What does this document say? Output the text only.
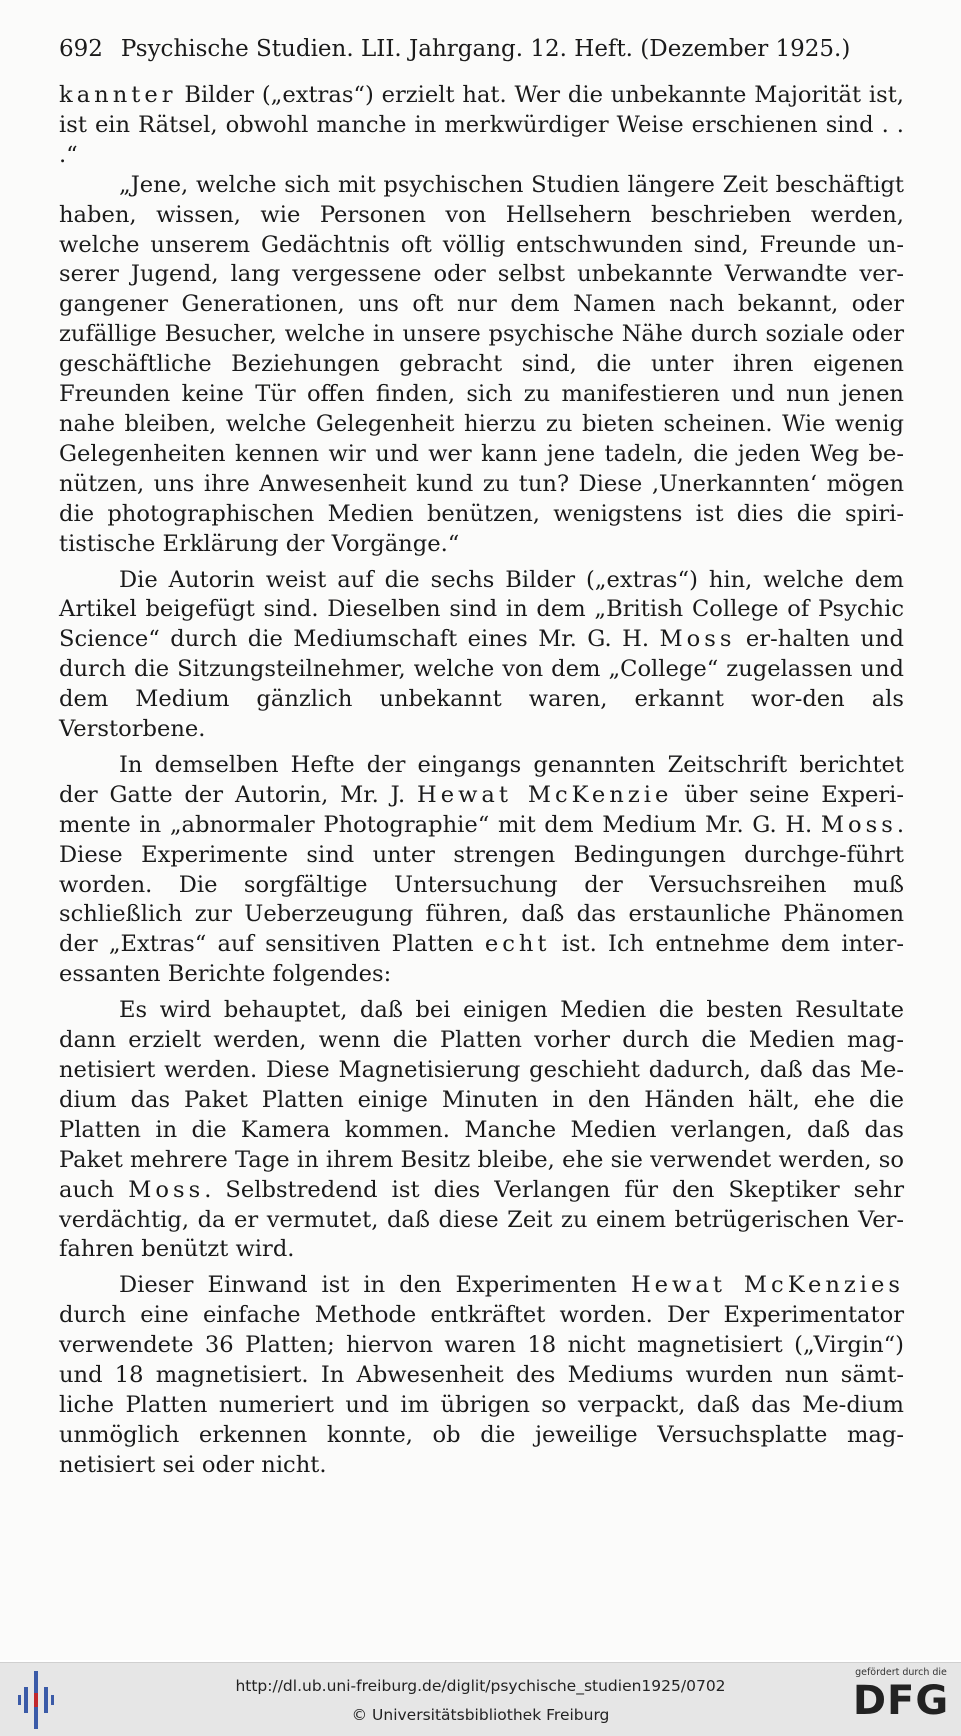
692 Psychische Studien. LII. Jahrgang. 12. Heft. (Dezember 1925.)

kannter Bilder („extras“) erzielt hat. Wer die unbekannte Majorität ist, ist ein Rätsel, obwohl manche in merkwürdiger Weise erschienen sind . . .“

„Jene, welche sich mit psychischen Studien längere Zeit beschäftigt haben, wissen, wie Personen von Hellsehern beschrieben werden, welche unserem Gedächtnis oft völlig entschwunden sind, Freunde un-serer Jugend, lang vergessene oder selbst unbekannte Verwandte ver-gangener Generationen, uns oft nur dem Namen nach bekannt, oder zufällige Besucher, welche in unsere psychische Nähe durch soziale oder geschäftliche Beziehungen gebracht sind, die unter ihren eigenen Freunden keine Tür offen finden, sich zu manifestieren und nun jenen nahe bleiben, welche Gelegenheit hierzu zu bieten scheinen. Wie wenig Gelegenheiten kennen wir und wer kann jene tadeln, die jeden Weg be-nützen, uns ihre Anwesenheit kund zu tun? Diese ‚Unerkannten‘ mögen die photographischen Medien benützen, wenigstens ist dies die spiri-tistische Erklärung der Vorgänge.“

Die Autorin weist auf die sechs Bilder („extras“) hin, welche dem Artikel beigefügt sind. Dieselben sind in dem „British College of Psychic Science“ durch die Mediumschaft eines Mr. G. H. Moss er-halten und durch die Sitzungsteilnehmer, welche von dem „College“ zugelassen und dem Medium gänzlich unbekannt waren, erkannt wor-den als Verstorbene.

In demselben Hefte der eingangs genannten Zeitschrift berichtet der Gatte der Autorin, Mr. J. Hewat McKenzie über seine Experi-mente in „abnormaler Photographie“ mit dem Medium Mr. G. H. Moss. Diese Experimente sind unter strengen Bedingungen durchge-führt worden. Die sorgfältige Untersuchung der Versuchsreihen muß schließlich zur Ueberzeugung führen, daß das erstaunliche Phänomen der „Extras“ auf sensitiven Platten echt ist. Ich entnehme dem inter-essanten Berichte folgendes:

Es wird behauptet, daß bei einigen Medien die besten Resultate dann erzielt werden, wenn die Platten vorher durch die Medien mag-netisiert werden. Diese Magnetisierung geschieht dadurch, daß das Me-dium das Paket Platten einige Minuten in den Händen hält, ehe die Platten in die Kamera kommen. Manche Medien verlangen, daß das Paket mehrere Tage in ihrem Besitz bleibe, ehe sie verwendet werden, so auch Moss. Selbstredend ist dies Verlangen für den Skeptiker sehr verdächtig, da er vermutet, daß diese Zeit zu einem betrügerischen Ver-fahren benützt wird.

Dieser Einwand ist in den Experimenten Hewat McKenzies durch eine einfache Methode entkräftet worden. Der Experimentator verwendete 36 Platten; hiervon waren 18 nicht magnetisiert („Virgin“) und 18 magnetisiert. In Abwesenheit des Mediums wurden nun sämt-liche Platten numeriert und im übrigen so verpackt, daß das Me-dium unmöglich erkennen konnte, ob die jeweilige Versuchsplatte mag-netisiert sei oder nicht.

http://dl.ub.uni-freiburg.de/diglit/psychische_studien1925/0702
© Universitätsbibliothek Freiburg
gefördert durch die
DFG
